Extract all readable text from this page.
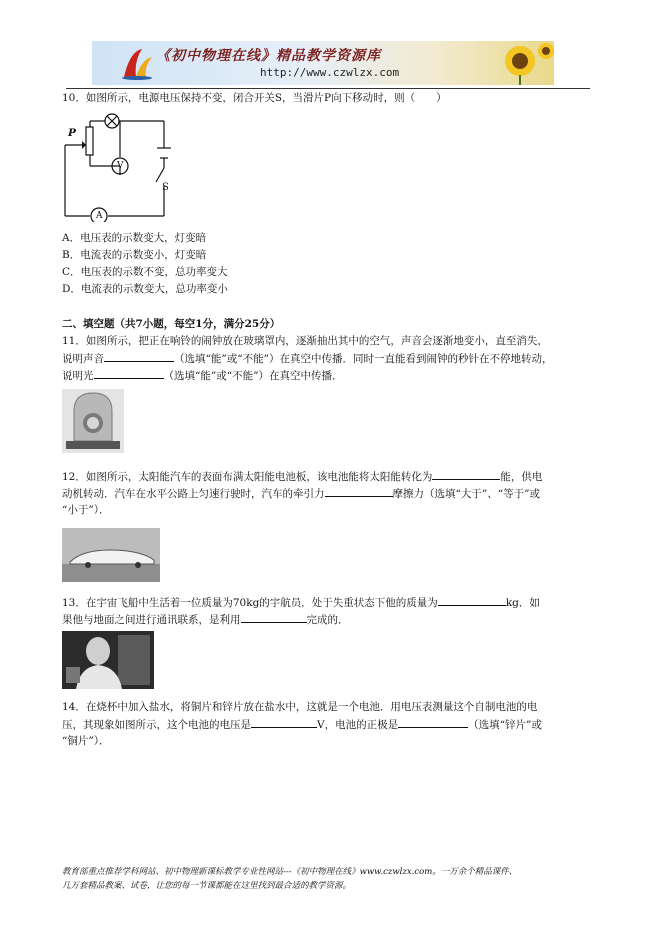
《初中物理在线》精品教学资源库
http://www.czwlzx.com
10．如图所示，电源电压保持不变，闭合开关S，当滑片P向下移动时，则（　　）
P
V
S
A
A．电压表的示数变大，灯变暗
B．电流表的示数变小，灯变暗
C．电压表的示数不变，总功率变大
D．电流表的示数变大，总功率变小
二、填空题（共7小题，每空1分，满分25分）
11．如图所示，把正在响铃的闹钟放在玻璃罩内，逐渐抽出其中的空气，声音会逐渐地变小，直至消失，
说明声音	（选填“能”或“不能”）在真空中传播．同时一直能看到闹钟的秒针在不停地转动，
说明光	（选填“能”或“不能”）在真空中传播．
12．如图所示，太阳能汽车的表面布满太阳能电池板，该电池能将太阳能转化为	能，供电
动机转动．汽车在水平公路上匀速行驶时，汽车的牵引力	摩擦力（选填“大于”、“等于”或
“小于”）．
13．在宇宙飞船中生活着一位质量为70kg的宇航员．处于失重状态下他的质量为	kg．如
果他与地面之间进行通讯联系，是利用	完成的．
14．在烧杯中加入盐水，将铜片和锌片放在盐水中，这就是一个电池．用电压表测量这个自制电池的电
压，其现象如图所示，这个电池的电压是	V，电池的正极是	（选填“锌片”或
“铜片”）．
教育部重点推荐学科网站、初中物理新课标教学专业性网站---《初中物理在线》www.czwlzx.com。一万余个精品课件、
几万套精品教案、试卷，让您的每一节课都能在这里找到最合适的教学资源。
